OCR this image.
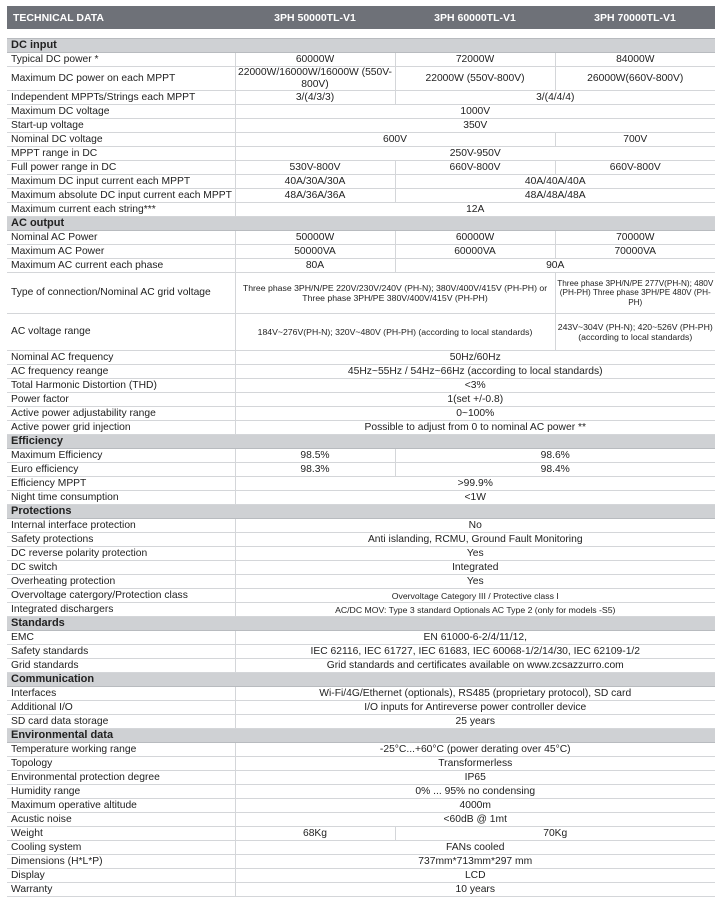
TECHNICAL DATA	3PH 50000TL-V1	3PH 60000TL-V1	3PH 70000TL-V1

DC input			
Typical DC power *	60000W	72000W	84000W
Maximum DC power on each MPPT	22000W/16000W/16000W (550V-800V)	22000W (550V-800V)	26000W(660V-800V)
Independent MPPTs/Strings each MPPT	3/(4/3/3)	3/(4/4/4)	
Maximum DC voltage	1000V		
Start-up voltage	350V		
Nominal DC voltage	600V		700V
MPPT range in DC	250V-950V		
Full power range in DC	530V-800V	660V-800V	660V-800V
Maximum DC input current each MPPT	40A/30A/30A	40A/40A/40A	
Maximum absolute DC input current each MPPT	48A/36A/36A	48A/48A/48A	
Maximum current each string***	12A		
AC output			
Nominal AC Power	50000W	60000W	70000W
Maximum AC Power	50000VA	60000VA	70000VA
Maximum AC current each phase	80A	90A	
Type of connection/Nominal AC grid voltage	Three phase 3PH/N/PE 220V/230V/240V (PH-N); 380V/400V/415V (PH-PH) or Three phase 3PH/PE 380V/400V/415V (PH-PH)		Three phase 3PH/N/PE 277V(PH-N); 480V (PH-PH) Three phase 3PH/PE 480V (PH-PH)
AC voltage range	184V~276V(PH-N); 320V~480V (PH-PH) (according to local standards)		243V~304V (PH-N); 420~526V (PH-PH) (according to local standards)
Nominal AC frequency	50Hz/60Hz		
AC frequency reange	45Hz~55Hz / 54Hz~66Hz (according to local standards)		
Total Harmonic Distortion (THD)	<3%		
Power factor	1(set +/-0.8)		
Active power adjustability range	0~100%		
Active power grid injection	Possible to adjust from 0 to nominal AC power **		
Efficiency			
Maximum Efficiency	98.5%	98.6%	
Euro efficiency	98.3%	98.4%	
Efficiency MPPT	>99.9%		
Night time consumption	<1W		
Protections			
Internal interface protection	No		
Safety protections	Anti islanding, RCMU, Ground Fault Monitoring		
DC reverse polarity protection	Yes		
DC switch	Integrated		
Overheating protection	Yes		
Overvoltage catergory/Protection class	Overvoltage Category III / Protective class I		
Integrated dischargers	AC/DC MOV: Type 3 standard Optionals AC Type 2 (only for models -S5)		
Standards			
EMC	EN 61000-6-2/4/11/12,		
Safety standards	IEC 62116, IEC 61727, IEC 61683, IEC 60068-1/2/14/30, IEC 62109-1/2		
Grid standards	Grid standards and certificates available on www.zcsazzurro.com		
Communication			
Interfaces	Wi-Fi/4G/Ethernet (optionals), RS485 (proprietary protocol), SD card		
Additional I/O	I/O inputs for Antireverse power controller device		
SD card data storage	25 years		
Environmental data			
Temperature working range	-25°C...+60°C (power derating over 45°C)		
Topology	Transformerless		
Environmental protection degree	IP65		
Humidity range	0% ... 95% no condensing		
Maximum operative altitude	4000m		
Acustic noise	<60dB @ 1mt		
Weight	68Kg	70Kg	
Cooling system	FANs cooled		
Dimensions (H*L*P)	737mm*713mm*297 mm		
Display	LCD		
Warranty	10 years		
